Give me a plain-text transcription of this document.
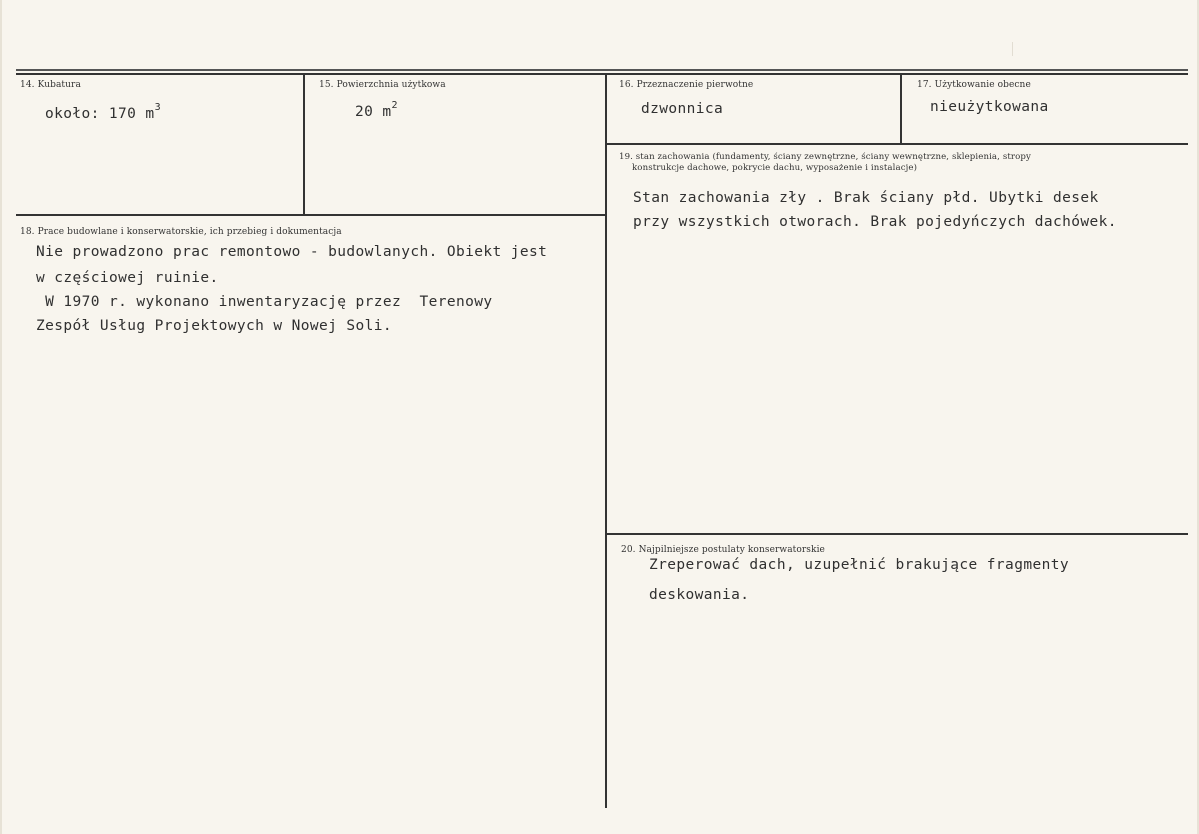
14. Kubatura
około: 170 $m^3$
15. Powierzchnia użytkowa
20 $m^2$
16. Przeznaczenie pierwotne
dzwonnica
17. Użytkowanie obecne
nieużytkowana
18. Prace budowlane i konserwatorskie, ich przebieg i dokumentacja
Nie prowadzono prac remontowo - budowlanych. Obiekt jest
w częściowej ruinie.
W 1970 r. wykonano inwentaryzację przez  Terenowy
Zespół Usług Projektowych w Nowej Soli.
19. stan zachowania (fundamenty, ściany zewnętrzne, ściany wewnętrzne, sklepienia, stropy
konstrukcje dachowe, pokrycie dachu, wyposażenie i instalacje)
Stan zachowania zły . Brak ściany płd. Ubytki desek
przy wszystkich otworach. Brak pojedyńczych dachówek.
20. Najpilniejsze postulaty konserwatorskie
Zreperować dach, uzupełnić brakujące fragmenty
deskowania.
